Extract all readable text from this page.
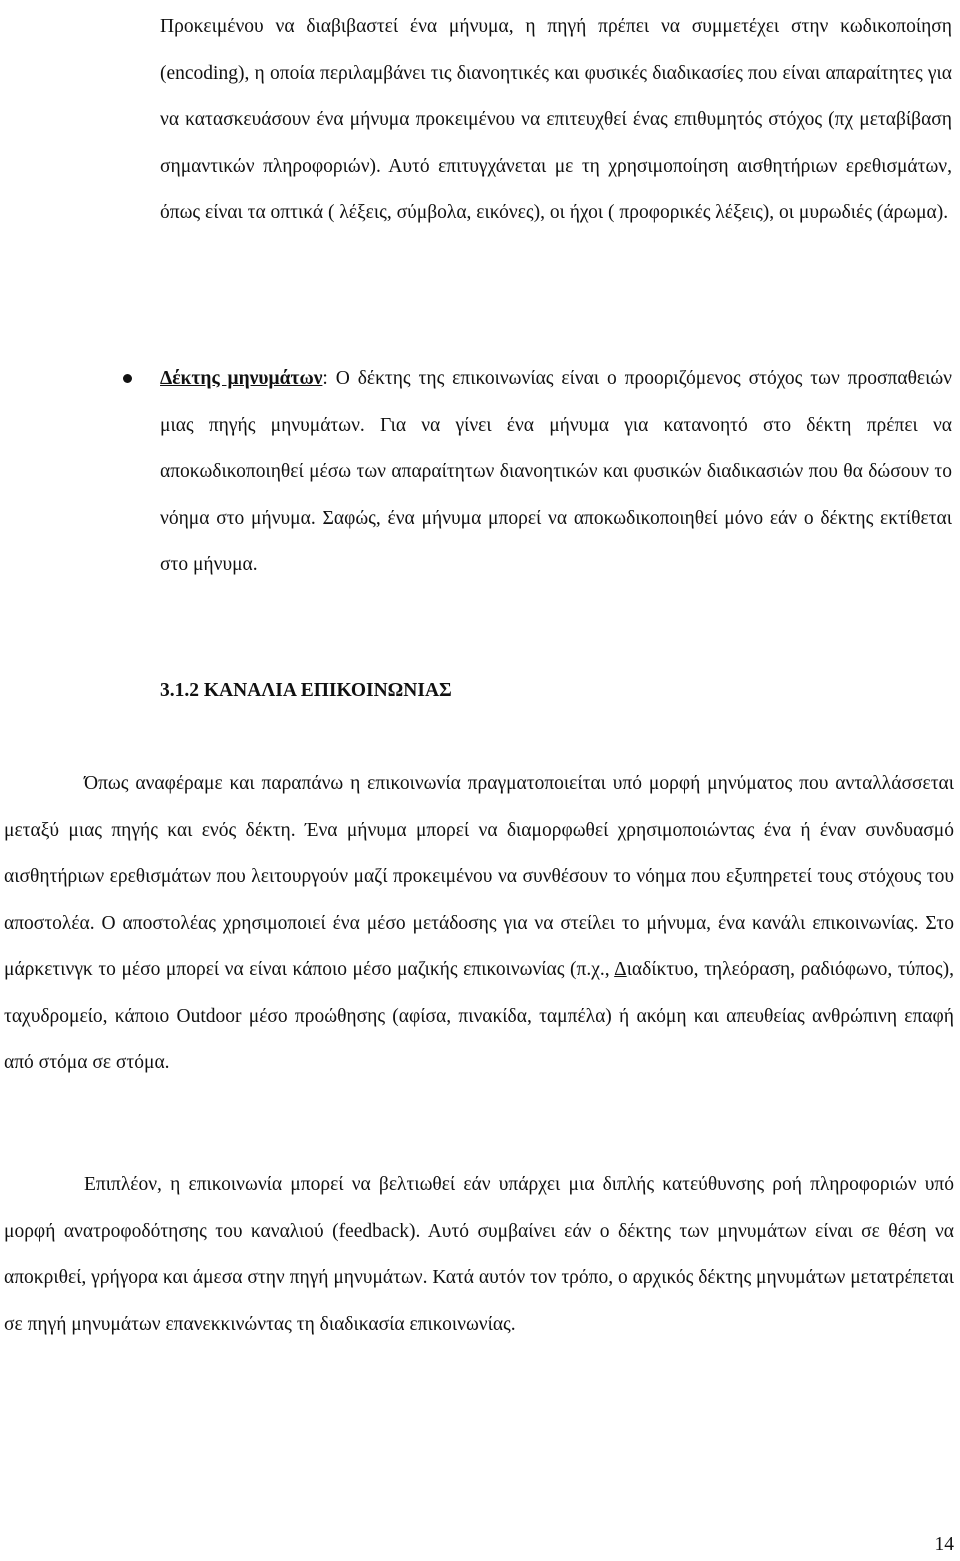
Προκειμένου να διαβιβαστεί ένα μήνυμα, η πηγή πρέπει να συμμετέχει στην κωδικοποίηση (encoding), η οποία περιλαμβάνει τις διανοητικές και φυσικές διαδικασίες που είναι απαραίτητες για να κατασκευάσουν ένα μήνυμα προκειμένου να επιτευχθεί ένας επιθυμητός στόχος (πχ μεταβίβαση σημαντικών πληροφοριών). Αυτό επιτυγχάνεται με τη χρησιμοποίηση αισθητήριων ερεθισμάτων, όπως είναι τα οπτικά ( λέξεις, σύμβολα, εικόνες), οι ήχοι ( προφορικές λέξεις), οι μυρωδιές (άρωμα).
Δέκτης μηνυμάτων: Ο δέκτης της επικοινωνίας είναι ο προοριζόμενος στόχος των προσπαθειών μιας πηγής μηνυμάτων. Για να γίνει ένα μήνυμα για κατανοητό στο δέκτη πρέπει να αποκωδικοποιηθεί μέσω των απαραίτητων διανοητικών και φυσικών διαδικασιών που θα δώσουν το νόημα στο μήνυμα. Σαφώς, ένα μήνυμα μπορεί να αποκωδικοποιηθεί μόνο εάν ο δέκτης εκτίθεται στο μήνυμα.
3.1.2 ΚΑΝΑΛΙΑ ΕΠΙΚΟΙΝΩΝΙΑΣ
Όπως αναφέραμε και παραπάνω η επικοινωνία πραγματοποιείται υπό μορφή μηνύματος που ανταλλάσσεται μεταξύ μιας πηγής και ενός δέκτη. Ένα μήνυμα μπορεί να διαμορφωθεί χρησιμοποιώντας ένα ή έναν συνδυασμό αισθητήριων ερεθισμάτων που λειτουργούν μαζί προκειμένου να συνθέσουν το νόημα που εξυπηρετεί τους στόχους του αποστολέα. Ο αποστολέας χρησιμοποιεί ένα μέσο μετάδοσης για να στείλει το μήνυμα, ένα κανάλι επικοινωνίας. Στο μάρκετινγκ το μέσο μπορεί να είναι κάποιο μέσο μαζικής επικοινωνίας (π.χ., Διαδίκτυο, τηλεόραση, ραδιόφωνο, τύπος), ταχυδρομείο, κάποιο Outdoor μέσο προώθησης (αφίσα, πινακίδα, ταμπέλα) ή ακόμη και απευθείας ανθρώπινη επαφή από στόμα σε στόμα.
Επιπλέον, η επικοινωνία μπορεί να βελτιωθεί εάν υπάρχει μια διπλής κατεύθυνσης ροή πληροφοριών υπό μορφή ανατροφοδότησης του καναλιού (feedback). Αυτό συμβαίνει εάν ο δέκτης των μηνυμάτων είναι σε θέση να αποκριθεί, γρήγορα και άμεσα στην πηγή μηνυμάτων. Κατά αυτόν τον τρόπο, ο αρχικός δέκτης μηνυμάτων μετατρέπεται σε πηγή μηνυμάτων επανεκκινώντας τη διαδικασία επικοινωνίας.
14
